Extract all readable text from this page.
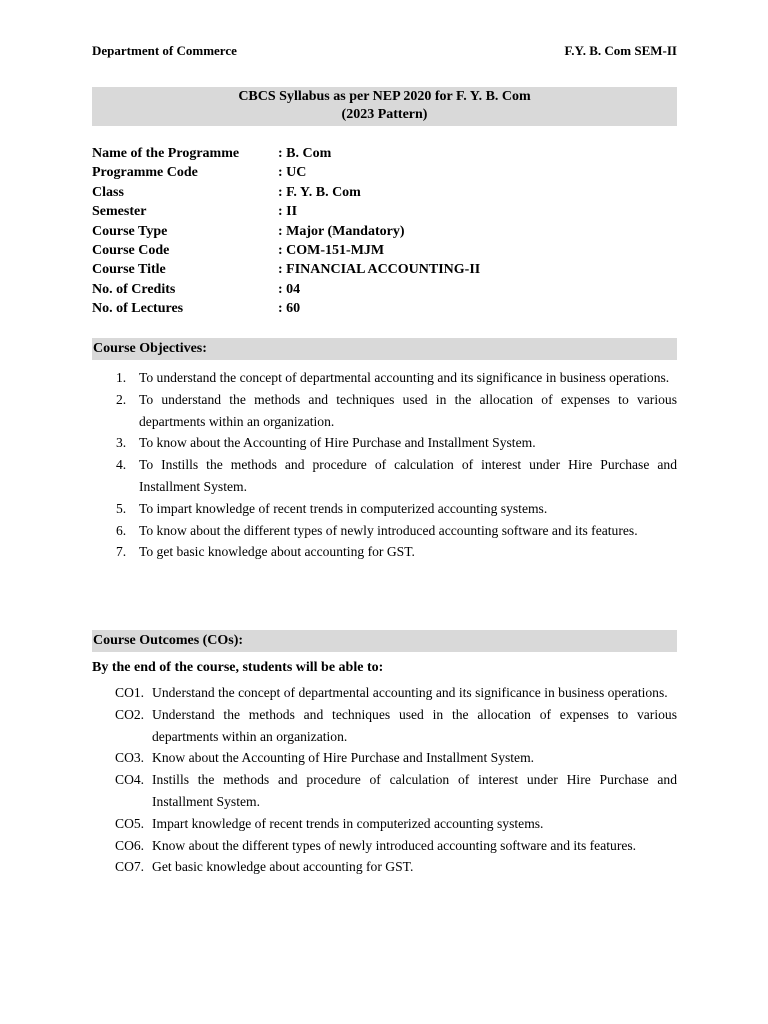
Department of Commerce	F.Y. B. Com SEM-II
CBCS Syllabus as per NEP 2020 for F. Y. B. Com
(2023 Pattern)
Name of the Programme	: B. Com
Programme Code	: UC
Class	: F. Y. B. Com
Semester	: II
Course Type	: Major (Mandatory)
Course Code	: COM-151-MJM
Course Title	: FINANCIAL ACCOUNTING-II
No. of Credits	: 04
No. of Lectures	: 60
Course Objectives:
1. To understand the concept of departmental accounting and its significance in business operations.
2. To understand the methods and techniques used in the allocation of expenses to various departments within an organization.
3. To know about the Accounting of Hire Purchase and Installment System.
4. To Instills the methods and procedure of calculation of interest under Hire Purchase and Installment System.
5. To impart knowledge of recent trends in computerized accounting systems.
6. To know about the different types of newly introduced accounting software and its features.
7. To get basic knowledge about accounting for GST.
Course Outcomes (COs):
By the end of the course, students will be able to:
CO1. Understand the concept of departmental accounting and its significance in business operations.
CO2. Understand the methods and techniques used in the allocation of expenses to various departments within an organization.
CO3. Know about the Accounting of Hire Purchase and Installment System.
CO4. Instills the methods and procedure of calculation of interest under Hire Purchase and Installment System.
CO5. Impart knowledge of recent trends in computerized accounting systems.
CO6. Know about the different types of newly introduced accounting software and its features.
CO7. Get basic knowledge about accounting for GST.
